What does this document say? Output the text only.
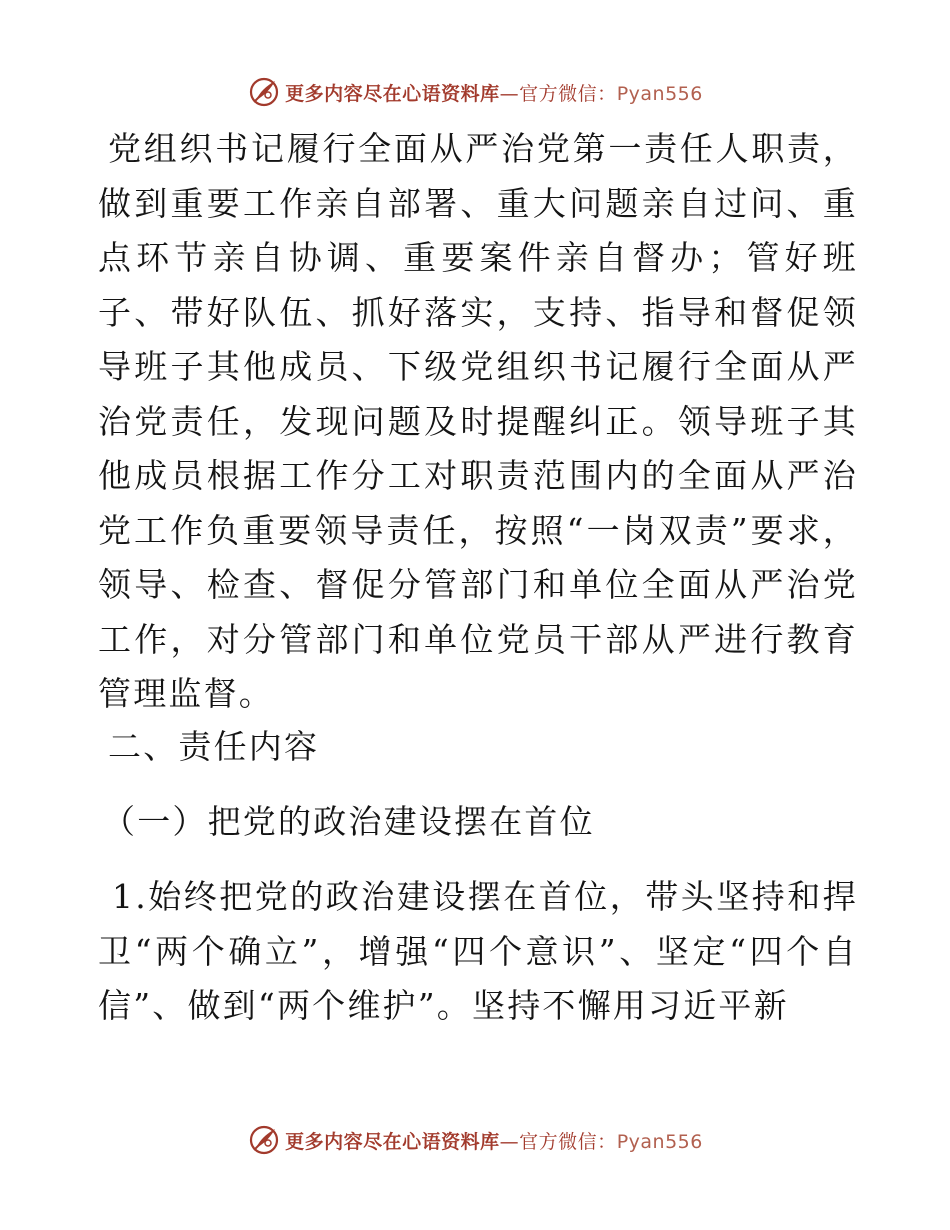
更多内容尽在心语资料库—官方微信：Pyan556

党组织书记履行全面从严治党第一责任人职责，做到重要工作亲自部署、重大问题亲自过问、重点环节亲自协调、重要案件亲自督办；管好班子、带好队伍、抓好落实，支持、指导和督促领导班子其他成员、下级党组织书记履行全面从严治党责任，发现问题及时提醒纠正。领导班子其他成员根据工作分工对职责范围内的全面从严治党工作负重要领导责任，按照“一岗双责”要求，领导、检查、督促分管部门和单位全面从严治党工作，对分管部门和单位党员干部从严进行教育管理监督。

二、责任内容

（一）把党的政治建设摆在首位

1.始终把党的政治建设摆在首位，带头坚持和捍卫“两个确立”，增强“四个意识”、坚定“四个自信”、做到“两个维护”。坚持不懈用习近平新

更多内容尽在心语资料库—官方微信：Pyan556
